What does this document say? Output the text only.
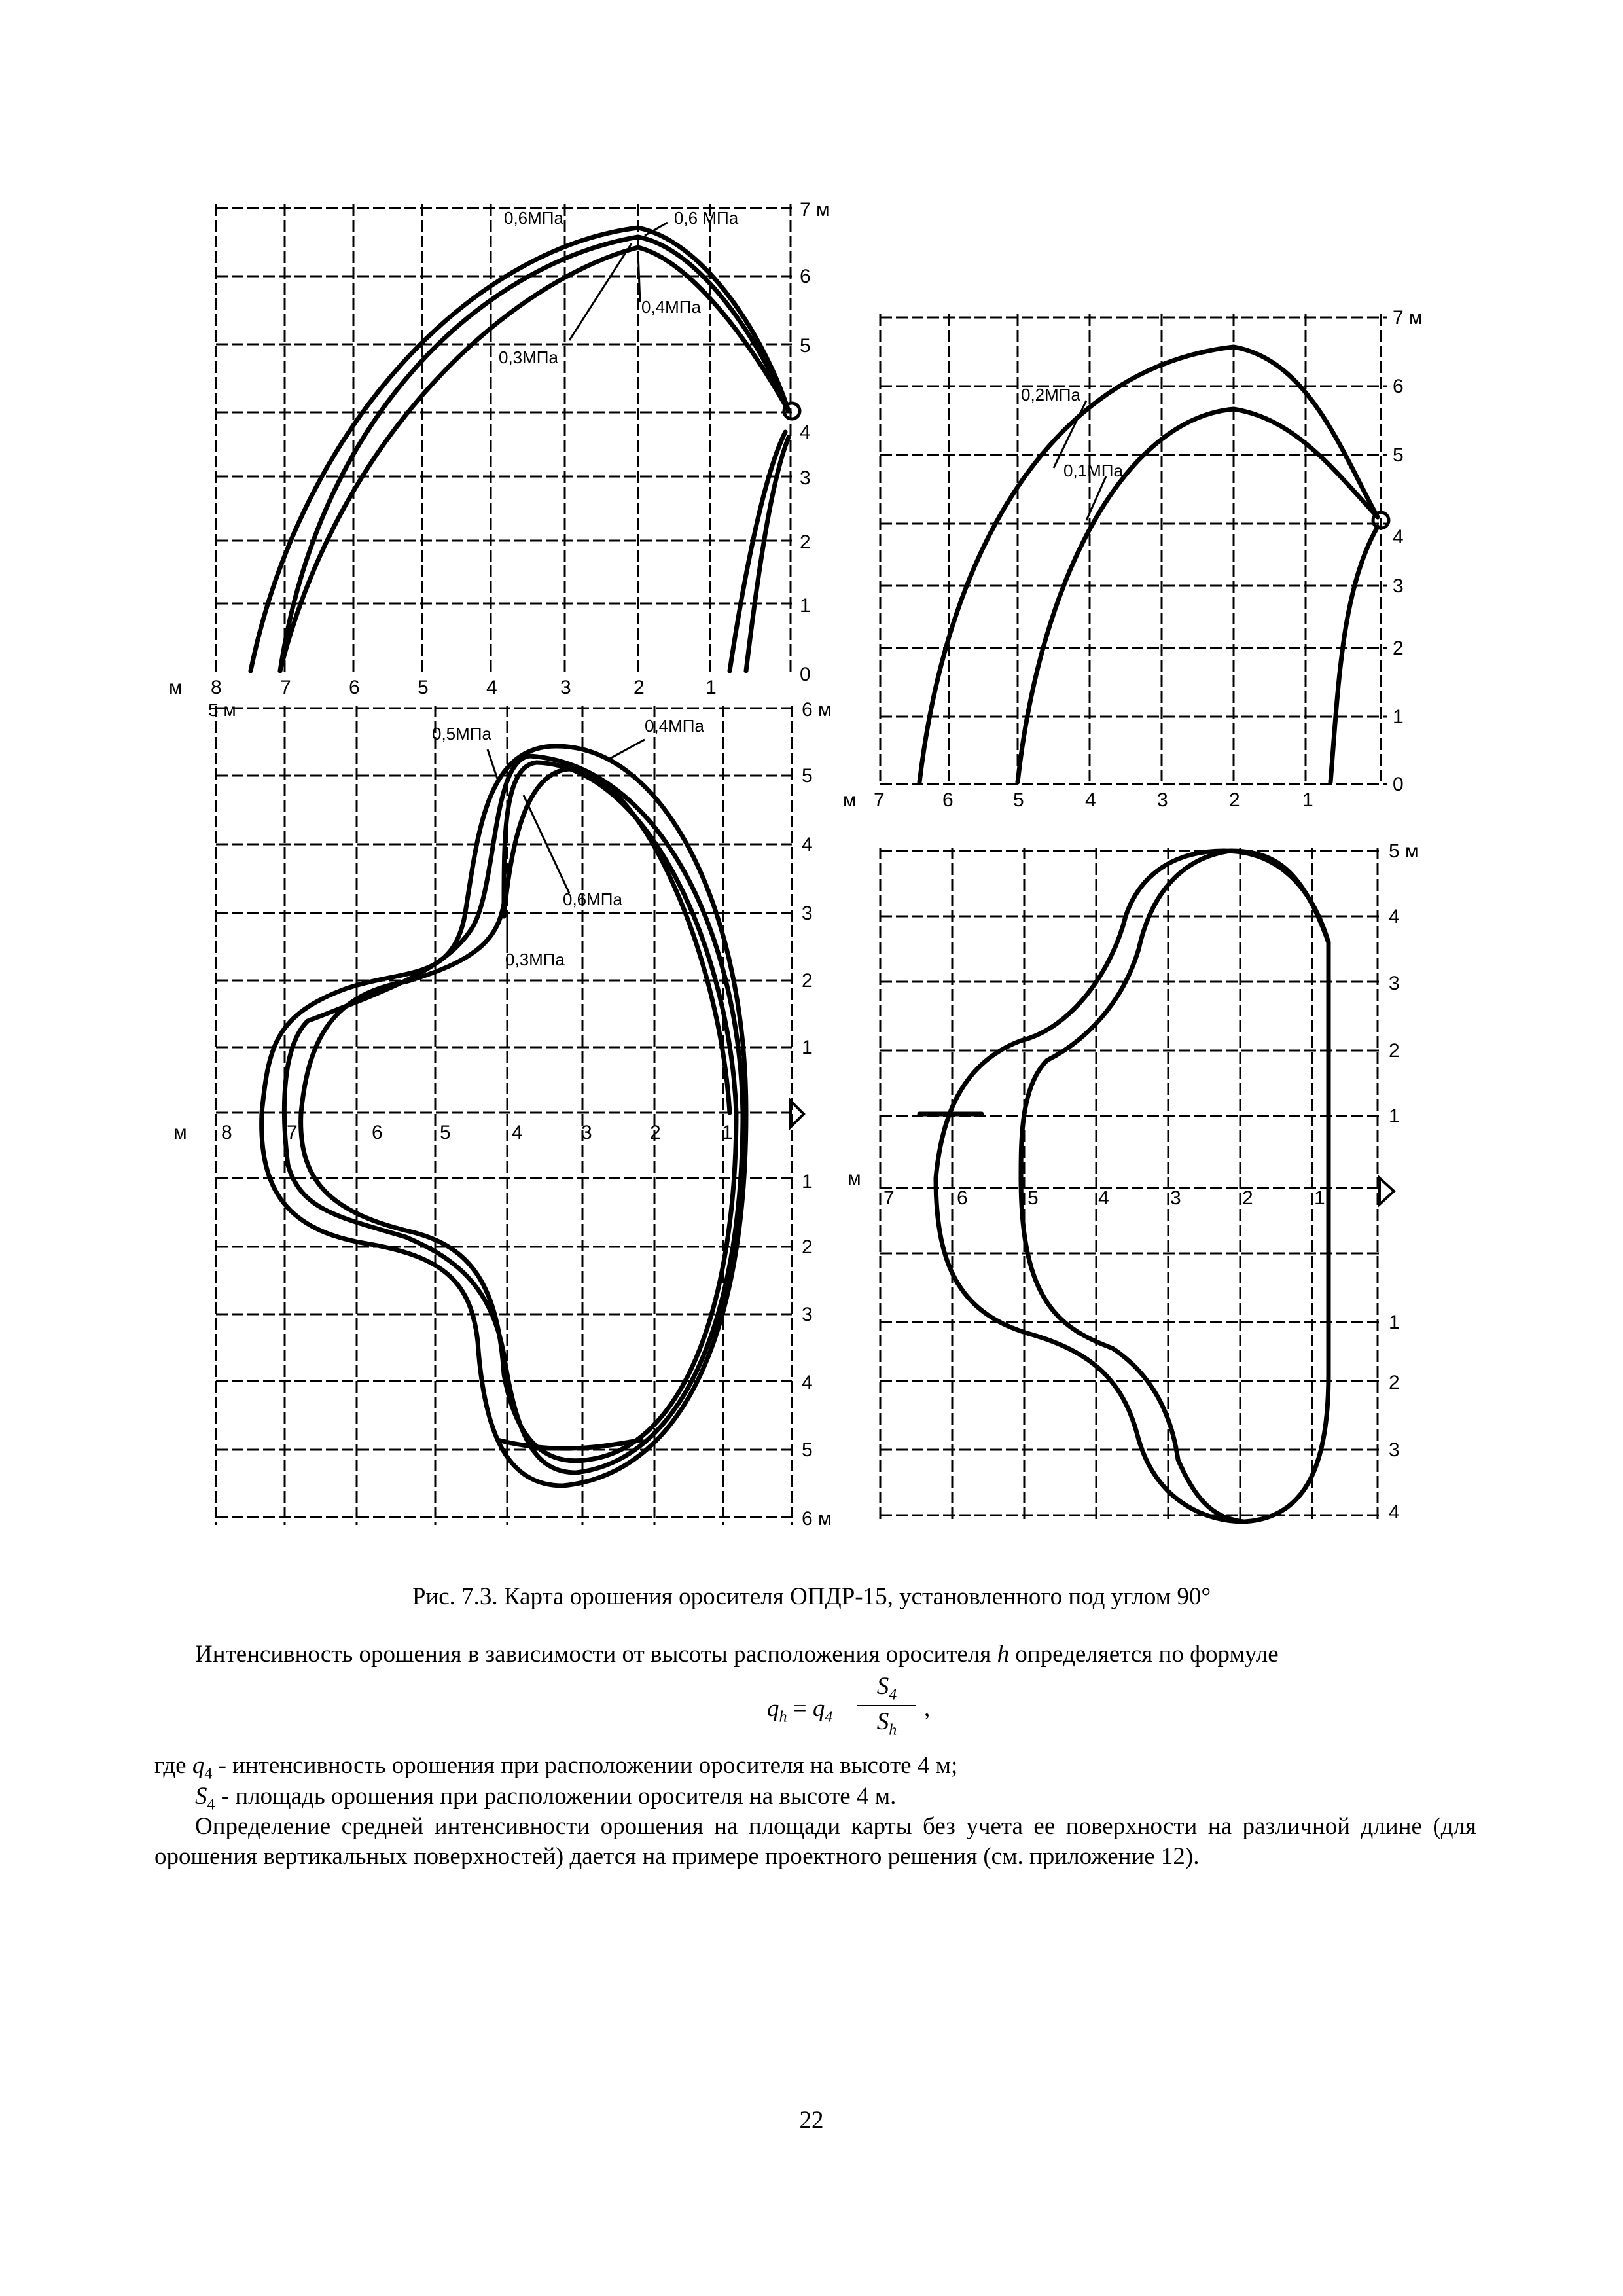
0,6МПа	0,6 МПа
0,4МПа
0,3МПа
м 8	7	6	5	4	3	2	1
0
1
2
3
4
5
6
7 м
0,2МПа
0,1МПа
м 7	6	5	4	3	2	1
0
1
2
3
4
5
6
7 м
0,5МПа	0,4МПа
0,6МПа
0,3МПа
5 м
м 8	7	6	5	4	3	2	1
1
2
3
4
5
6 м
1
2
3
4
5
6 м
м
7	6	5	4	3	2	1
1
2
3
4
5 м
1
2
3
4
Рис. 7.3. Карта орошения оросителя ОПДР-15, установленного под углом 90°
Интенсивность орошения в зависимости от высоты расположения оросителя h определяется по формуле
$q_h = q_4 \frac{S_4}{S_h}$ ,
где $q_4$ - интенсивность орошения при расположении оросителя на высоте 4 м;
$S_4$ - площадь орошения при расположении оросителя на высоте 4 м.
Определение средней интенсивности орошения на площади карты без учета ее поверхности на различной длине (для орошения вертикальных поверхностей) дается на примере проектного решения (см. приложение 12).
22
